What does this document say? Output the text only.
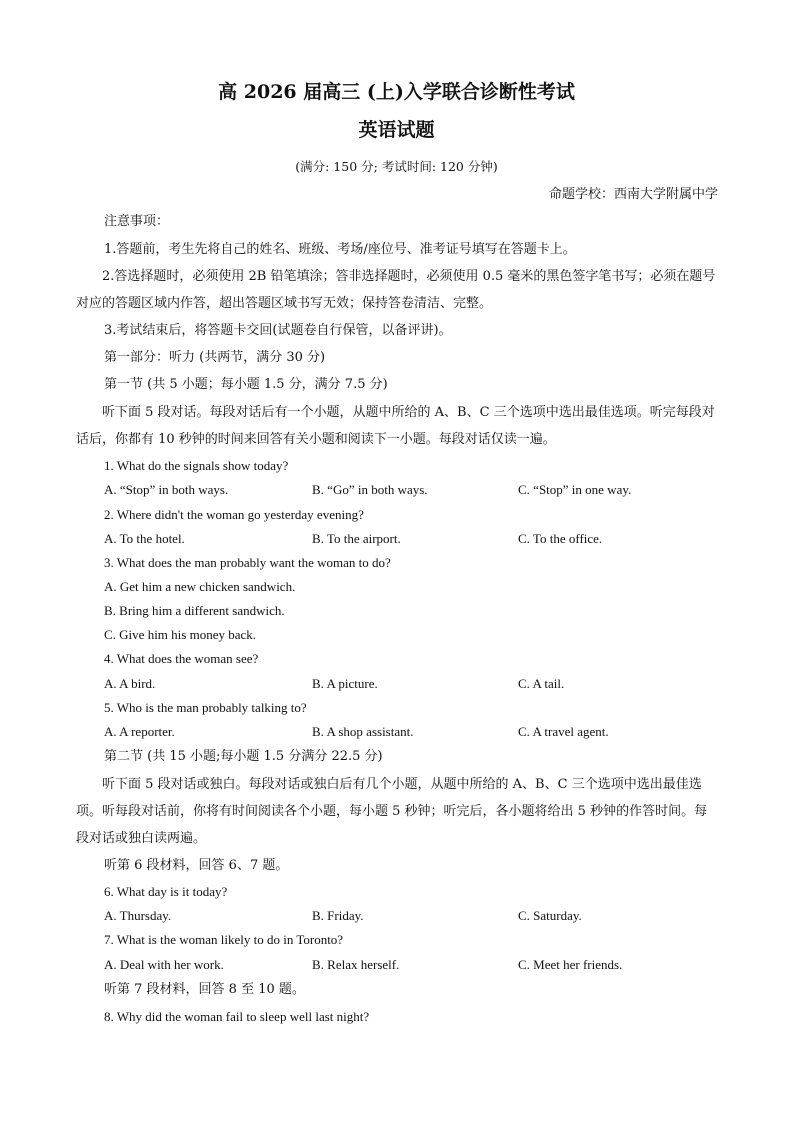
高 2026 届高三 (上)入学联合诊断性考试
英语试题
(满分: 150 分; 考试时间: 120 分钟)
命题学校：西南大学附属中学
注意事项：
1.答题前，考生先将自己的姓名、班级、考场/座位号、准考证号填写在答题卡上。
2.答选择题时，必须使用 2B 铅笔填涂；答非选择题时，必须使用 0.5 毫米的黑色签字笔书写；必须在题号对应的答题区域内作答，超出答题区域书写无效；保持答卷清洁、完整。
3.考试结束后，将答题卡交回(试题卷自行保管，以备评讲)。
第一部分：听力 (共两节，满分 30 分)
第一节 (共 5 小题；每小题 1.5 分，满分 7.5 分)
听下面 5 段对话。每段对话后有一个小题，从题中所给的 A、B、C 三个选项中选出最佳选项。听完每段对话后，你都有 10 秒钟的时间来回答有关小题和阅读下一小题。每段对话仅读一遍。
1. What do the signals show today?
A. “Stop” in both ways.	B. “Go” in both ways.	C. “Stop” in one way.
2. Where didn't the woman go yesterday evening?
A. To the hotel.	B. To the airport.	C. To the office.
3. What does the man probably want the woman to do?
A. Get him a new chicken sandwich.
B. Bring him a different sandwich.
C. Give him his money back.
4. What does the woman see?
A. A bird.	B. A picture.	C. A tail.
5. Who is the man probably talking to?
A. A reporter.	B. A shop assistant.	C. A travel agent.
第二节 (共 15 小题;每小题 1.5 分满分 22.5 分)
听下面 5 段对话或独白。每段对话或独白后有几个小题，从题中所给的 A、B、C 三个选项中选出最佳选项。听每段对话前，你将有时间阅读各个小题，每小题 5 秒钟；听完后，各小题将给出 5 秒钟的作答时间。每段对话或独白读两遍。
听第 6 段材料，回答 6、7 题。
6. What day is it today?
A. Thursday.	B. Friday.	C. Saturday.
7. What is the woman likely to do in Toronto?
A. Deal with her work.	B. Relax herself.	C. Meet her friends.
听第 7 段材料，回答 8 至 10 题。
8. Why did the woman fail to sleep well last night?
